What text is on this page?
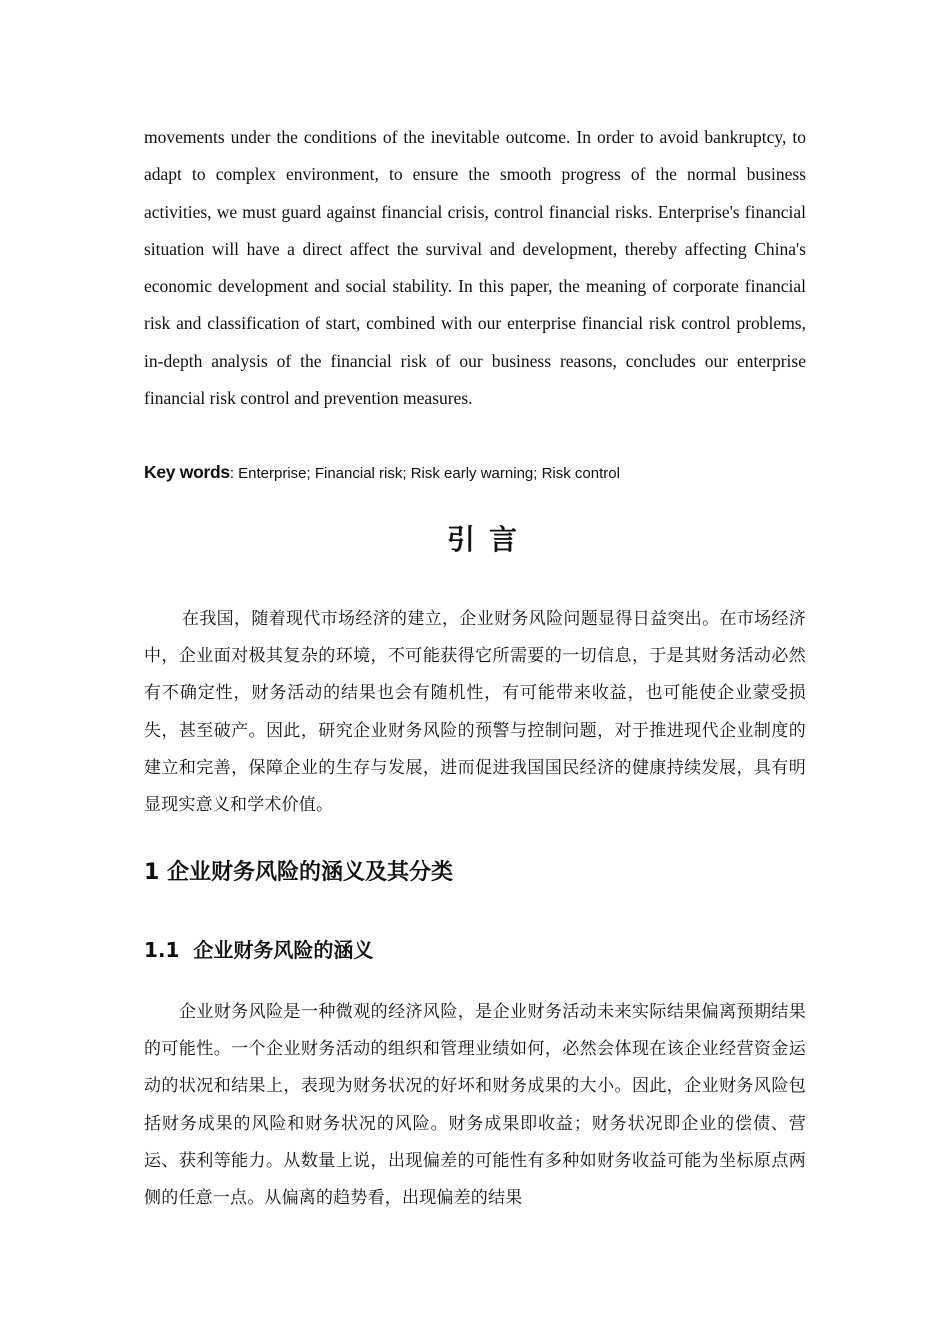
movements under the conditions of the inevitable outcome. In order to avoid bankruptcy, to adapt to complex environment, to ensure the smooth progress of the normal business activities, we must guard against financial crisis, control financial risks. Enterprise's financial situation will have a direct affect the survival and development, thereby affecting China's economic development and social stability. In this paper, the meaning of corporate financial risk and classification of start, combined with our enterprise financial risk control problems, in-depth analysis of the financial risk of our business reasons, concludes our enterprise financial risk control and prevention measures.

Key words: Enterprise; Financial risk; Risk early warning; Risk control

引言

在我国，随着现代市场经济的建立，企业财务风险问题显得日益突出。在市场经济中，企业面对极其复杂的环境，不可能获得它所需要的一切信息，于是其财务活动必然有不确定性，财务活动的结果也会有随机性，有可能带来收益，也可能使企业蒙受损失，甚至破产。因此，研究企业财务风险的预警与控制问题，对于推进现代企业制度的建立和完善，保障企业的生存与发展，进而促进我国国民经济的健康持续发展，具有明显现实意义和学术价值。

1 企业财务风险的涵义及其分类
1.1  企业财务风险的涵义

企业财务风险是一种微观的经济风险，是企业财务活动未来实际结果偏离预期结果的可能性。一个企业财务活动的组织和管理业绩如何，必然会体现在该企业经营资金运动的状况和结果上，表现为财务状况的好坏和财务成果的大小。因此，企业财务风险包括财务成果的风险和财务状况的风险。财务成果即收益；财务状况即企业的偿债、营运、获利等能力。从数量上说，出现偏差的可能性有多种如财务收益可能为坐标原点两侧的任意一点。从偏离的趋势看，出现偏差的结果
